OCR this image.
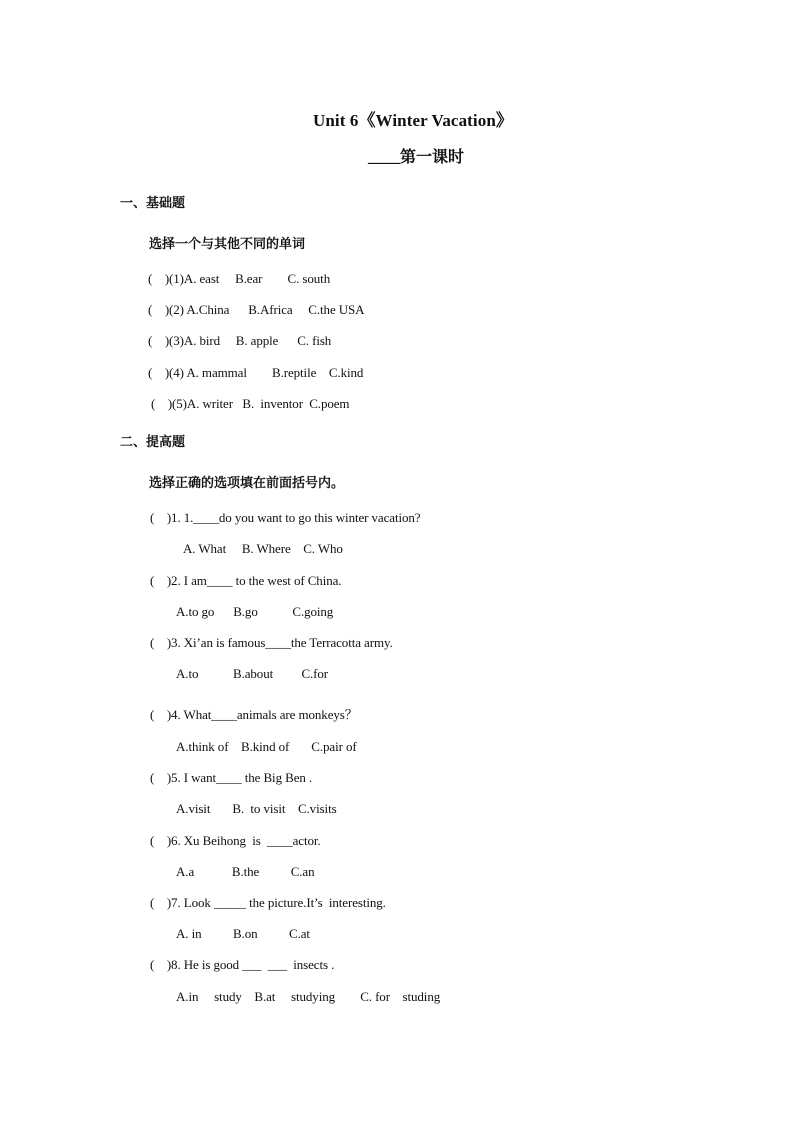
Unit 6《Winter Vacation》
____第一课时
一、基础题
选择一个与其他不同的单词
(    )(1)A. east     B.ear        C. south
(    )(2) A.China      B.Africa     C.the USA
(    )(3)A. bird     B. apple      C. fish
(    )(4) A. mammal        B.reptile    C.kind
(    )(5)A. writer   B.  inventor  C.poem
二、提高题
选择正确的选项填在前面括号内。
(    )1. 1.____do you want to go this winter vacation?
A. What     B. Where    C. Who
(    )2. I am____ to the west of China.
A.to go      B.go           C.going
(    )3. Xi’an is famous____the Terracotta army.
A.to           B.about         C.for
(    )4. What____animals are monkeys？
A.think of    B.kind of       C.pair of
(    )5. I want____ the Big Ben .
A.visit       B.  to visit    C.visits
(    )6. Xu Beihong  is  ____actor.
A.a            B.the          C.an
(    )7. Look _____ the picture.It’s  interesting.
A. in          B.on          C.at
(    )8. He is good ___  ___  insects .
A.in     study    B.at     studying        C. for    studing
